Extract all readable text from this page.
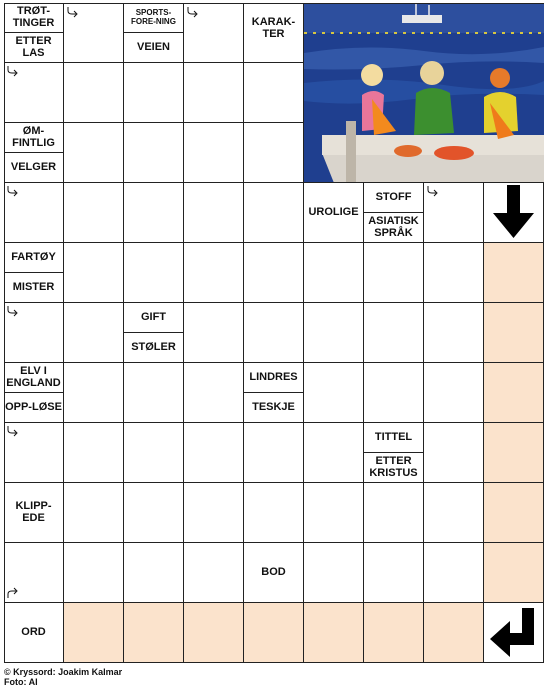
TRØT-TINGER
ETTER LAS
SPORTS-FORE-NING
VEIEN
KARAK-TER
ØM-FINTLIG
VELGER
UROLIGE
STOFF
ASIATISK SPRÅK
FARTØY
MISTER
GIFT
STØLER
ELV I ENGLAND
OPP-LØSE
LINDRES
TESKJE
TITTEL
ETTER KRISTUS
KLIPP-EDE
BOD
ORD
© Kryssord: Joakim Kalmar
Foto: AI
